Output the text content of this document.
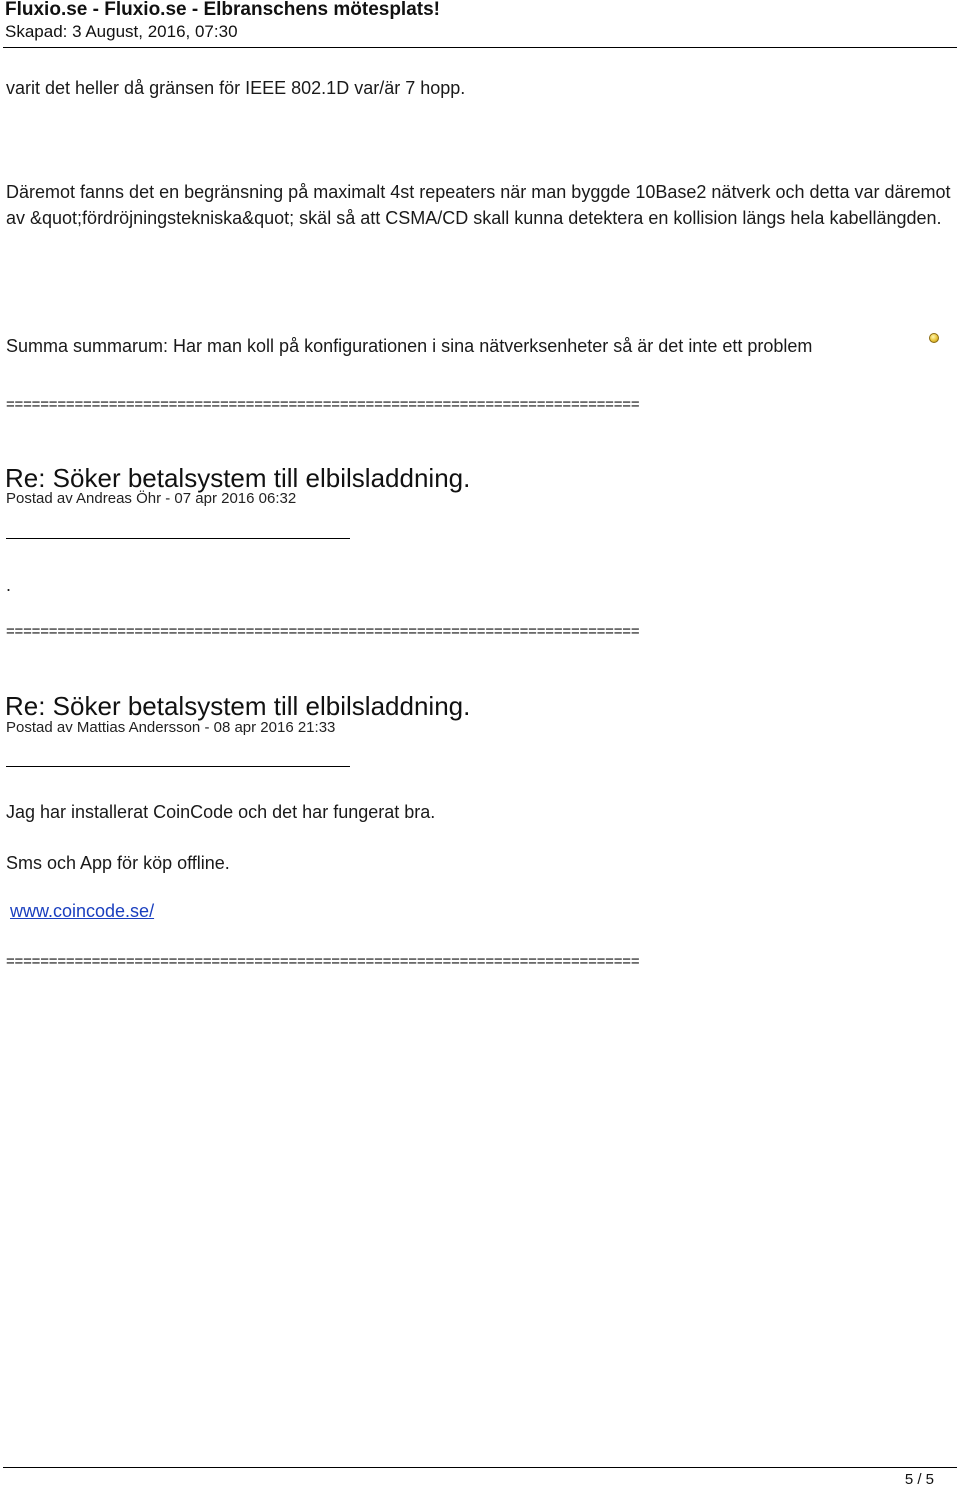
Fluxio.se - Fluxio.se - Elbranschens mötesplats!
Skapad: 3 August, 2016, 07:30
varit det heller då gränsen för IEEE 802.1D var/är 7 hopp.
Däremot fanns det en begränsning på maximalt 4st repeaters när man byggde 10Base2 nätverk och detta var däremot av &quot;fördröjningstekniska&quot; skäl så att CSMA/CD skall kunna detektera en kollision längs hela kabellängden.
Summa summarum: Har man koll på konfigurationen i sina nätverksenheter så är det inte ett problem
==========================================================================
Re: Söker betalsystem till elbilsladdning.
Postad av Andreas Öhr - 07 apr 2016 06:32
.
==========================================================================
Re: Söker betalsystem till elbilsladdning.
Postad av Mattias Andersson - 08 apr 2016 21:33
Jag har installerat CoinCode och det har fungerat bra.
Sms och App för köp offline.
www.coincode.se/
==========================================================================
5 / 5
